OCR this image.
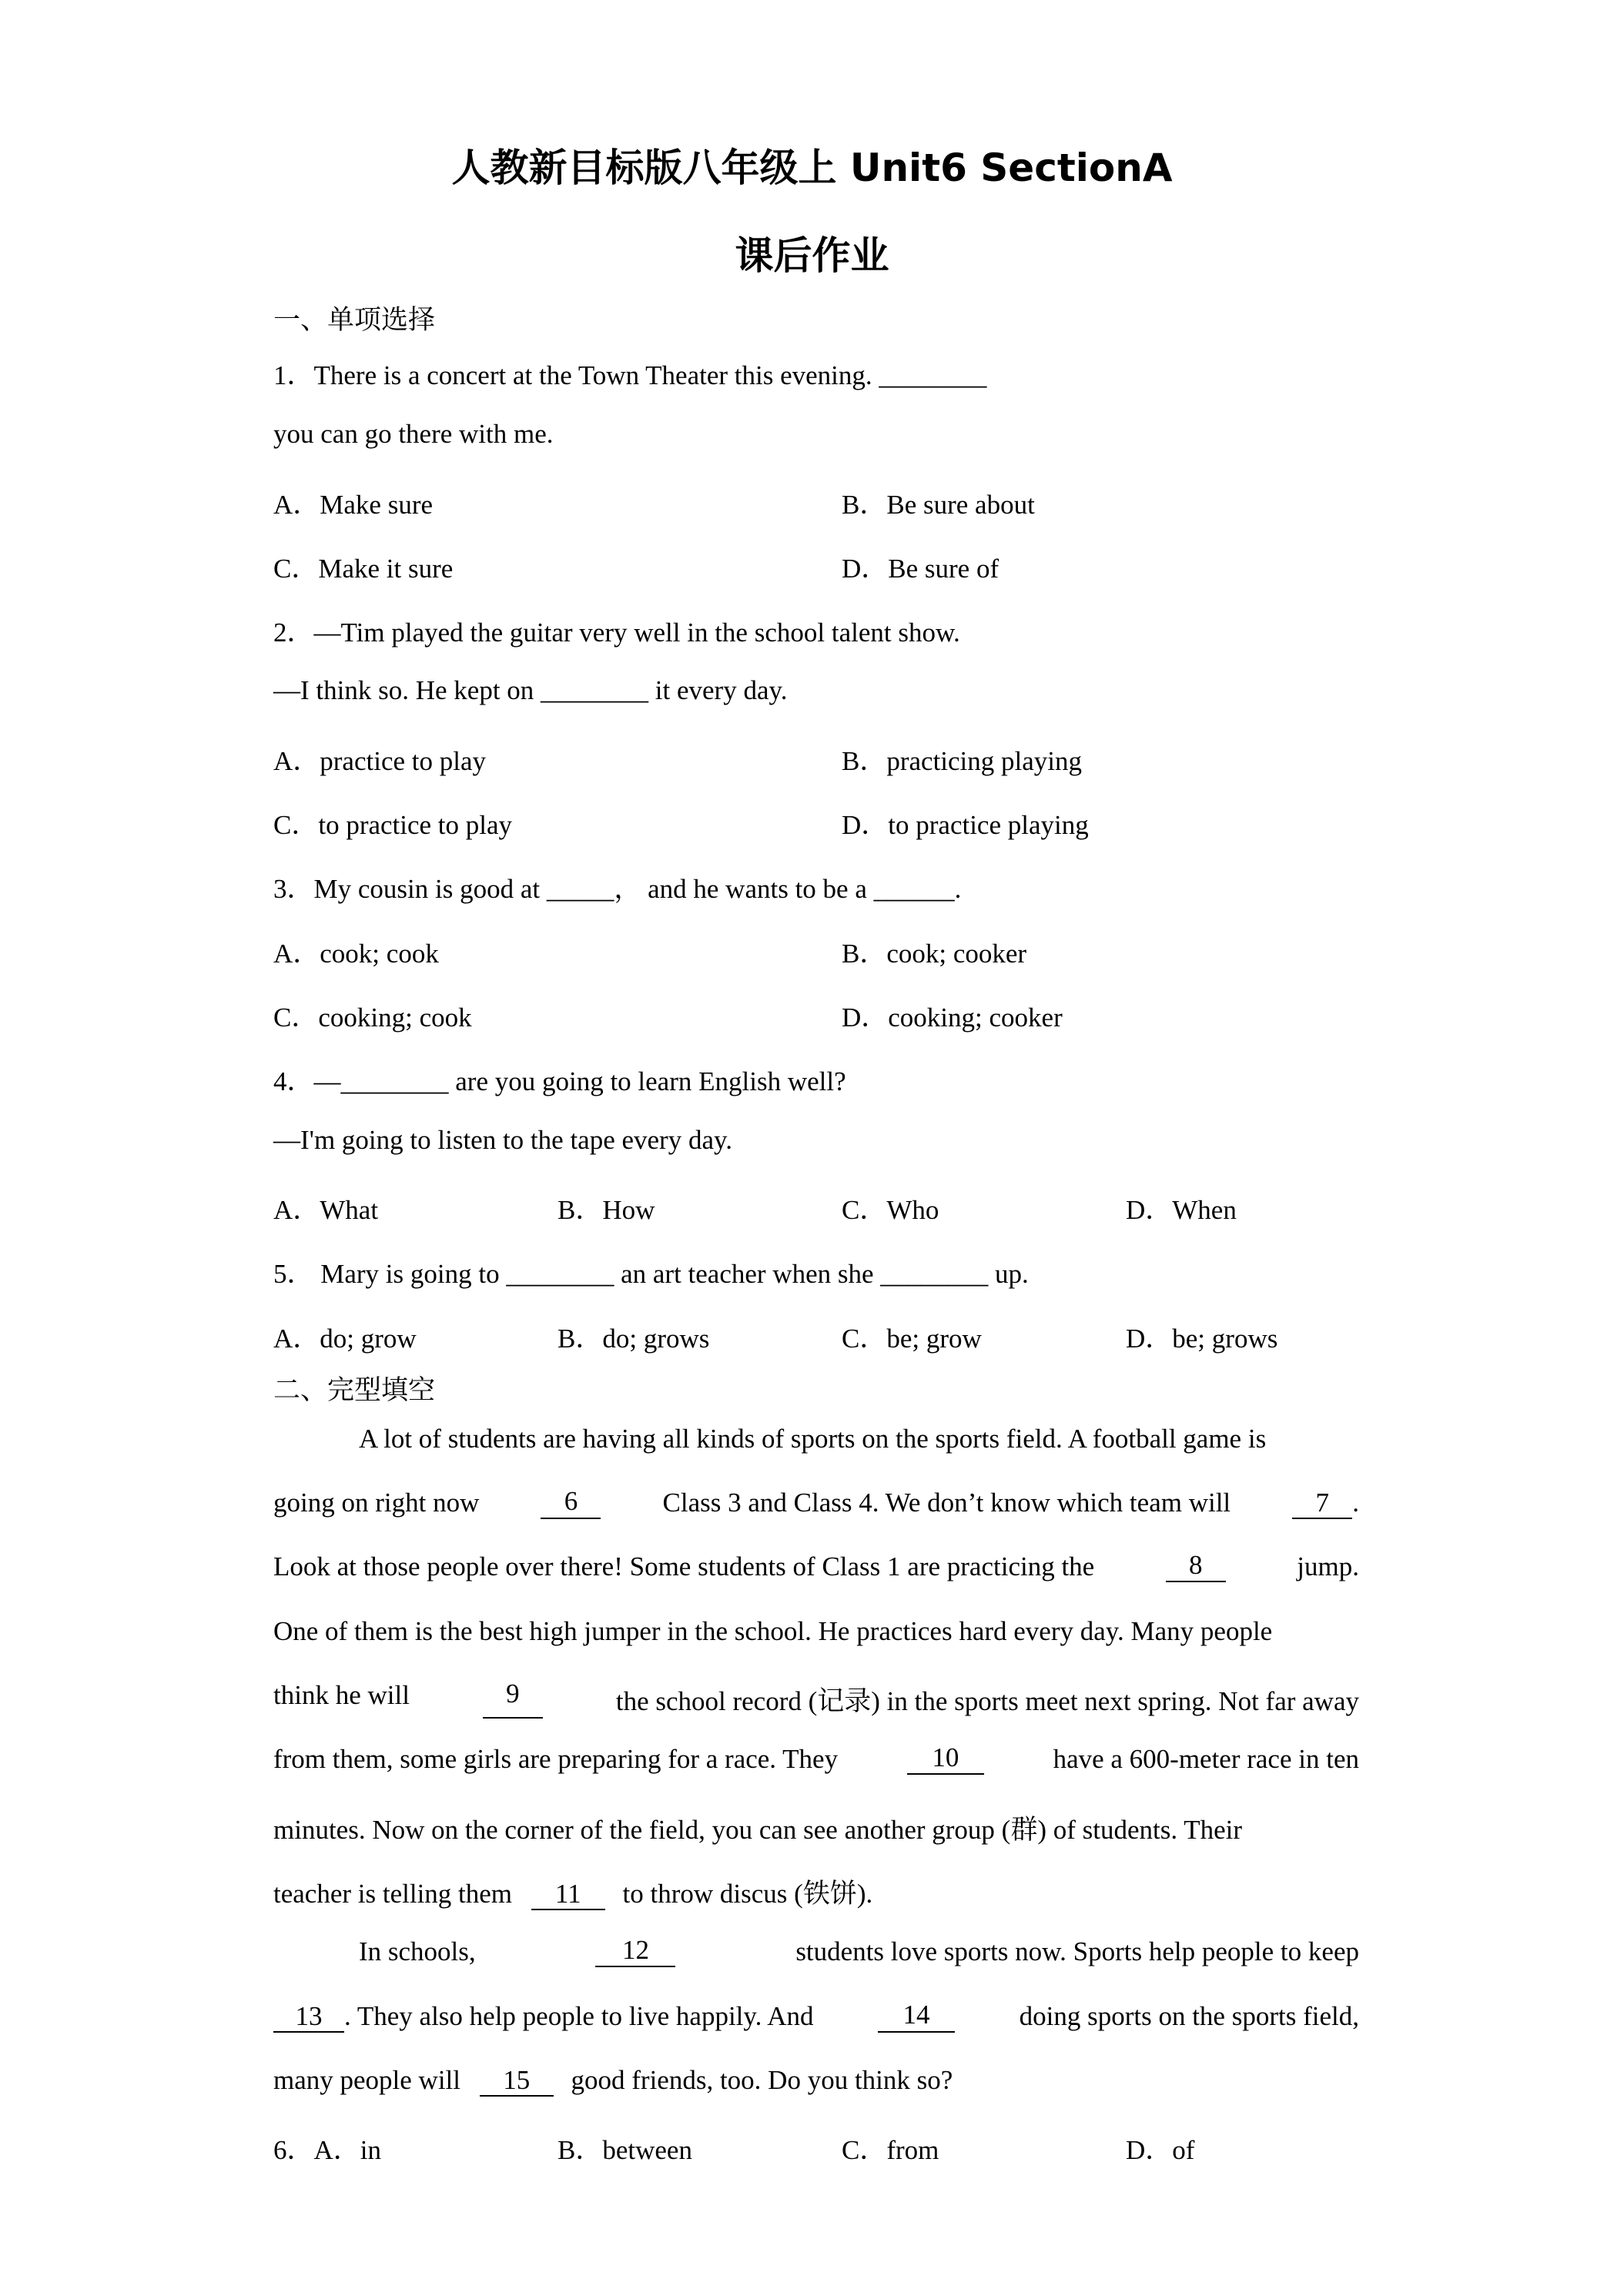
人教新目标版八年级上 Unit6 SectionA
课后作业
一、单项选择
1．There is a concert at the Town Theater this evening. ________
you can go there with me.
A．Make sure	B．Be sure about
C．Make it sure	D．Be sure of
2．—Tim played the guitar very well in the school talent show.
—I think so. He kept on ________ it every day.
A．practice to play	B．practicing playing
C．to practice to play	D．to practice playing
3．My cousin is good at _____， and he wants to be a ______.
A．cook; cook	B．cook; cooker
C．cooking; cook	D．cooking; cooker
4．—________ are you going to learn English well?
—I'm going to listen to the tape every day.
A．What	B．How	C．Who	D．When
5． Mary is going to ________ an art teacher when she ________ up.
A．do; grow	B．do; grows	C．be; grow	D．be; grows
二、完型填空
A lot of students are having all kinds of sports on the sports field. A football game is
going on right now	6	Class 3 and Class 4. We don’t know which team will	7 .
Look at those people over there! Some students of Class 1 are practicing the	8	jump.
One of them is the best high jumper in the school. He practices hard every day. Many people
think he will	9	the school record (记录) in the sports meet next spring. Not far away
from them, some girls are preparing for a race. They	10	have a 600-meter race in ten
minutes. Now on the corner of the field, you can see another group (群) of students. Their
teacher is telling them 11 to throw discus (铁饼).
In schools,	12	students love sports now. Sports help people to keep
13 . They also help people to live happily. And	14	doing sports on the sports field,
many people will 15 good friends, too. Do you think so?
6．A．in	B．between	C．from	D．of
